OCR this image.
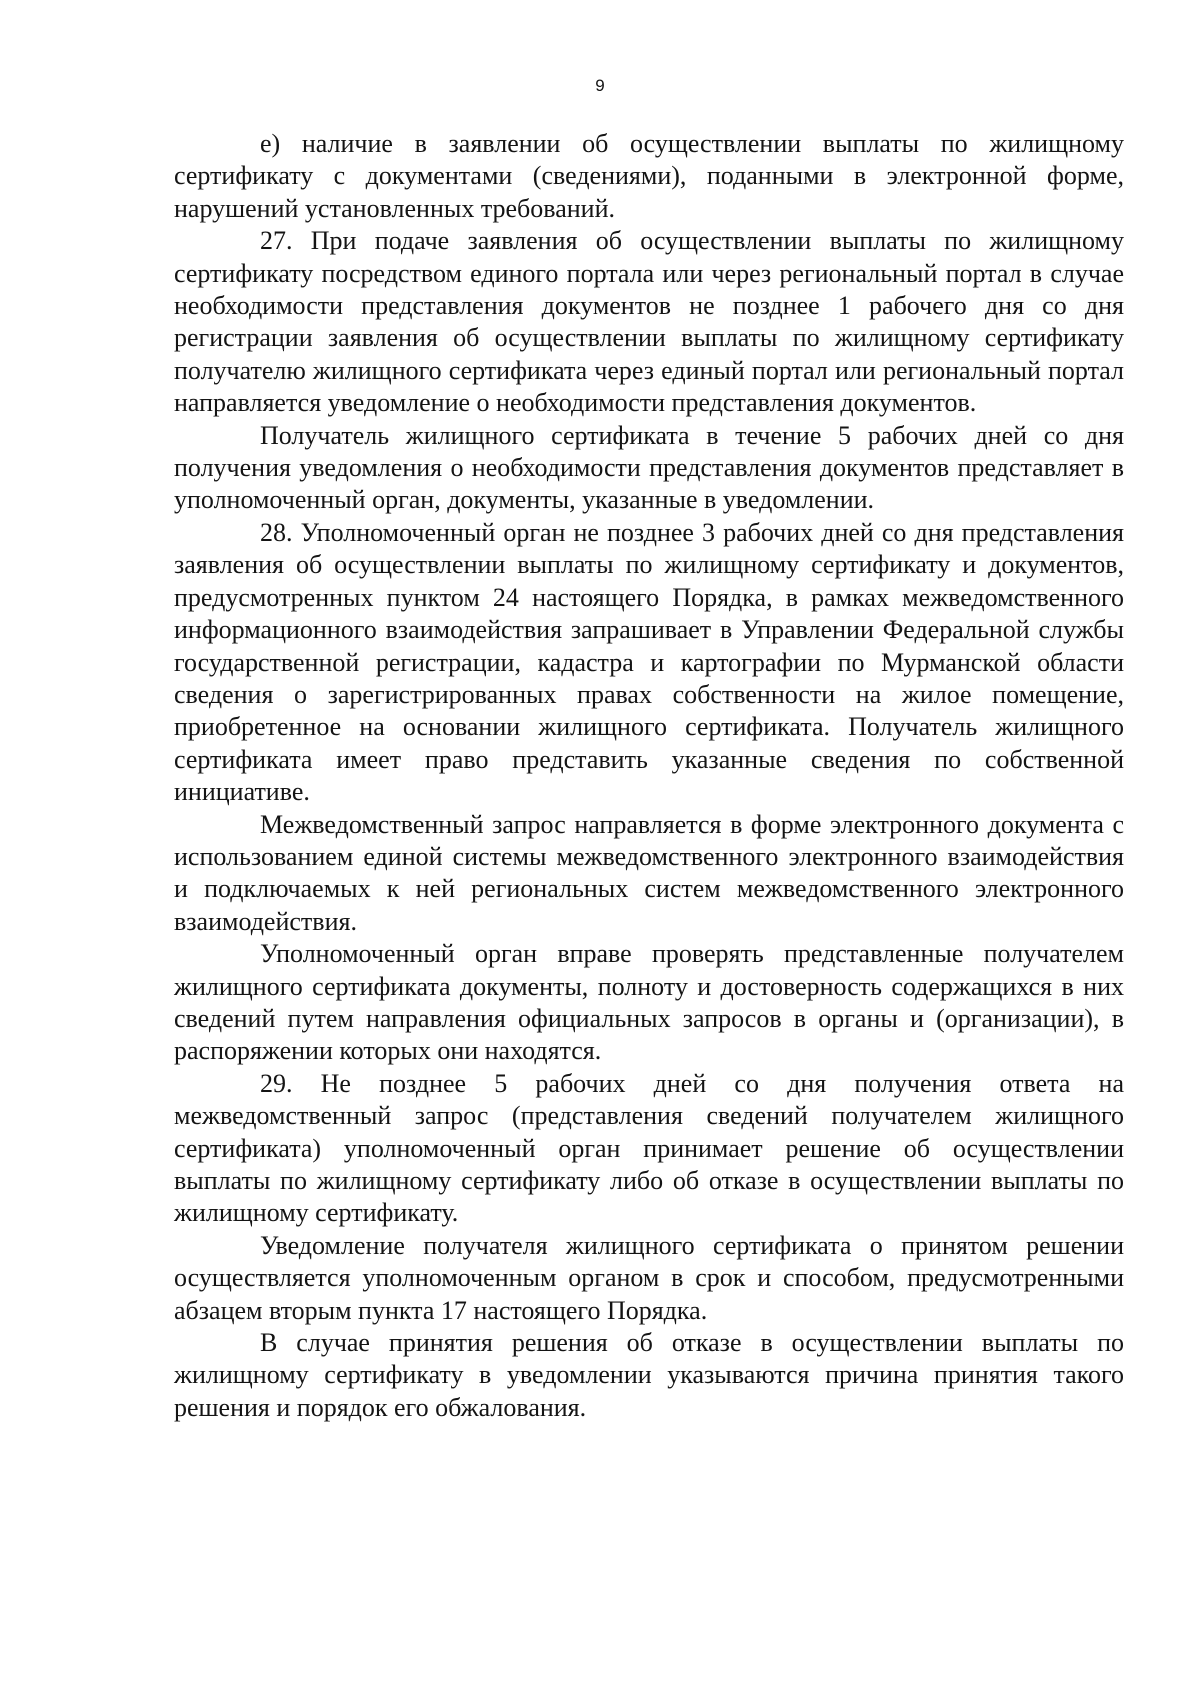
9

е) наличие в заявлении об осуществлении выплаты по жилищному сертификату с документами (сведениями), поданными в электронной форме, нарушений установленных требований.

27. При подаче заявления об осуществлении выплаты по жилищному сертификату посредством единого портала или через региональный портал в случае необходимости представления документов не позднее 1 рабочего дня со дня регистрации заявления об осуществлении выплаты по жилищному сертификату получателю жилищного сертификата через единый портал или региональный портал направляется уведомление о необходимости представления документов.

Получатель жилищного сертификата в течение 5 рабочих дней со дня получения уведомления о необходимости представления документов представляет в уполномоченный орган, документы, указанные в уведомлении.

28. Уполномоченный орган не позднее 3 рабочих дней со дня представления заявления об осуществлении выплаты по жилищному сертификату и документов, предусмотренных пунктом 24 настоящего Порядка, в рамках межведомственного информационного взаимодействия запрашивает в Управлении Федеральной службы государственной регистрации, кадастра и картографии по Мурманской области сведения о зарегистрированных правах собственности на жилое помещение, приобретенное на основании жилищного сертификата. Получатель жилищного сертификата имеет право представить указанные сведения по собственной инициативе.

Межведомственный запрос направляется в форме электронного документа с использованием единой системы межведомственного электронного взаимодействия и подключаемых к ней региональных систем межведомственного электронного взаимодействия.

Уполномоченный орган вправе проверять представленные получателем жилищного сертификата документы, полноту и достоверность содержащихся в них сведений путем направления официальных запросов в органы и (организации), в распоряжении которых они находятся.

29. Не позднее 5 рабочих дней со дня получения ответа на межведомственный запрос (представления сведений получателем жилищного сертификата) уполномоченный орган принимает решение об осуществлении выплаты по жилищному сертификату либо об отказе в осуществлении выплаты по жилищному сертификату.

Уведомление получателя жилищного сертификата о принятом решении осуществляется уполномоченным органом в срок и способом, предусмотренными абзацем вторым пункта 17 настоящего Порядка.

В случае принятия решения об отказе в осуществлении выплаты по жилищному сертификату в уведомлении указываются причина принятия такого решения и порядок его обжалования.
